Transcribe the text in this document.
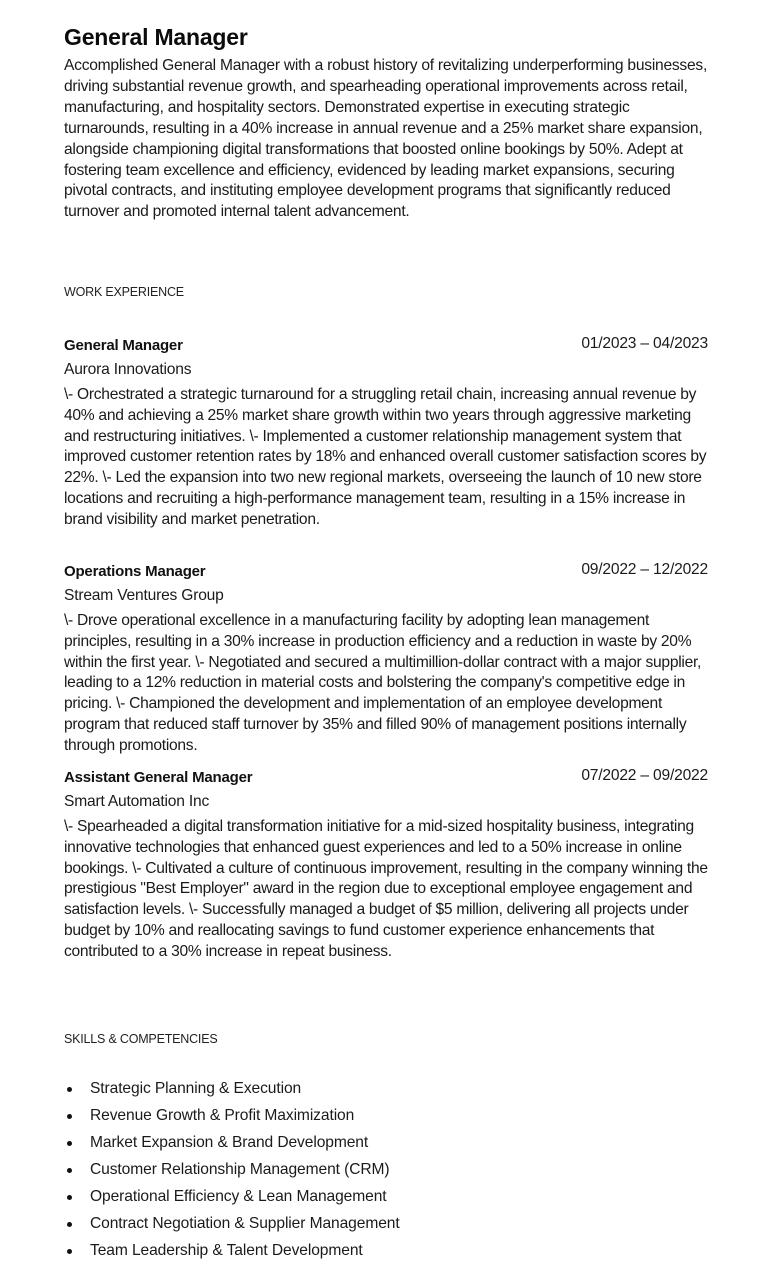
General Manager

Accomplished General Manager with a robust history of revitalizing underperforming businesses, driving substantial revenue growth, and spearheading operational improvements across retail, manufacturing, and hospitality sectors. Demonstrated expertise in executing strategic turnarounds, resulting in a 40% increase in annual revenue and a 25% market share expansion, alongside championing digital transformations that boosted online bookings by 50%. Adept at fostering team excellence and efficiency, evidenced by leading market expansions, securing pivotal contracts, and instituting employee development programs that significantly reduced turnover and promoted internal talent advancement.

WORK EXPERIENCE
General Manager	01/2023 – 04/2023
Aurora Innovations
\- Orchestrated a strategic turnaround for a struggling retail chain, increasing annual revenue by 40% and achieving a 25% market share growth within two years through aggressive marketing and restructuring initiatives. \- Implemented a customer relationship management system that improved customer retention rates by 18% and enhanced overall customer satisfaction scores by 22%. \- Led the expansion into two new regional markets, overseeing the launch of 10 new store locations and recruiting a high-performance management team, resulting in a 15% increase in brand visibility and market penetration.
Operations Manager	09/2022 – 12/2022
Stream Ventures Group
\- Drove operational excellence in a manufacturing facility by adopting lean management principles, resulting in a 30% increase in production efficiency and a reduction in waste by 20% within the first year. \- Negotiated and secured a multimillion-dollar contract with a major supplier, leading to a 12% reduction in material costs and bolstering the company's competitive edge in pricing. \- Championed the development and implementation of an employee development program that reduced staff turnover by 35% and filled 90% of management positions internally through promotions.
Assistant General Manager	07/2022 – 09/2022
Smart Automation Inc
\- Spearheaded a digital transformation initiative for a mid-sized hospitality business, integrating innovative technologies that enhanced guest experiences and led to a 50% increase in online bookings. \- Cultivated a culture of continuous improvement, resulting in the company winning the prestigious "Best Employer" award in the region due to exceptional employee engagement and satisfaction levels. \- Successfully managed a budget of $5 million, delivering all projects under budget by 10% and reallocating savings to fund customer experience enhancements that contributed to a 30% increase in repeat business.
SKILLS & COMPETENCIES
Strategic Planning & Execution
Revenue Growth & Profit Maximization
Market Expansion & Brand Development
Customer Relationship Management (CRM)
Operational Efficiency & Lean Management
Contract Negotiation & Supplier Management
Team Leadership & Talent Development
